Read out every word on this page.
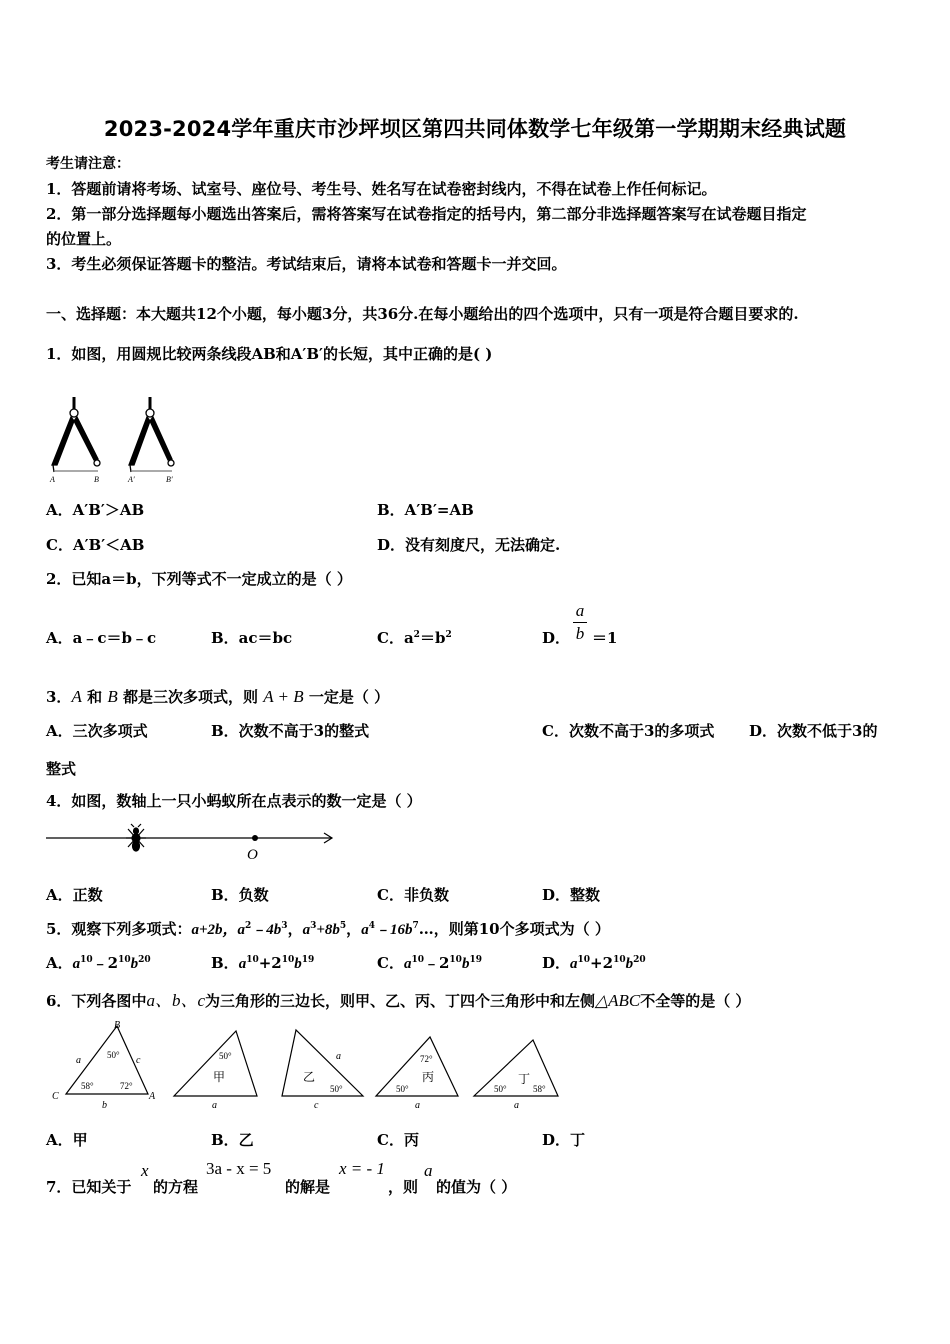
2023-2024学年重庆市沙坪坝区第四共同体数学七年级第一学期期末经典试题
考生请注意：
1．答题前请将考场、试室号、座位号、考生号、姓名写在试卷密封线内，不得在试卷上作任何标记。
2．第一部分选择题每小题选出答案后，需将答案写在试卷指定的括号内，第二部分非选择题答案写在试卷题目指定
的位置上。
3．考生必须保证答题卡的整洁。考试结束后，请将本试卷和答题卡一并交回。
一、选择题：本大题共12个小题，每小题3分，共36分.在每小题给出的四个选项中，只有一项是符合题目要求的.
1．如图，用圆规比较两条线段AB和A′B′的长短，其中正确的是( )
A	B	A′	B′
A．A′B′＞AB	B．A′B′=AB
C．A′B′＜AB	D．没有刻度尺，无法确定.
2．已知a＝b，下列等式不一定成立的是（ ）
A．a﹣c＝b﹣c	B．ac＝bc	C．$a^2=b^2$	D．
a
b ＝1
3．A 和 B 都是三次多项式，则 A + B 一定是（ ）
A．三次多项式	B．次数不高于3的整式	C．次数不高于3的多项式 D．次数不低于3的
整式
4．如图，数轴上一只小蚂蚁所在点表示的数一定是（ ）
O
A．正数	B．负数	C．非负数	D．整数
5．观察下列多项式：a+2b，$a^2﹣4b^3$，$a^3+8b^5$，$a^4﹣16b^7\dots$，则第10个多项式为（ ）
A．$a^{10}﹣2^{10}b^{20}$	B．$a^{10}+2^{10}b^{19}$	C．$a^{10}﹣2^{10}b^{19}$	D．$a^{10}+2^{10}b^{20}$
6．下列各图中a、b、c为三角形的三边长，则甲、乙、丙、丁四个三角形中和左侧△ABC不全等的是（ ）
B
C	A
a	c
b	a	c
a
a	a
50°
58°	72°
50°
50°
72°
50°	50°	58°
甲	乙	丙	丁
A．甲	B．乙	C．丙	D．丁
7．已知关于
x
的方程
3a - x = 5
的解是
x = - 1
，则
a
的值为（ ）
